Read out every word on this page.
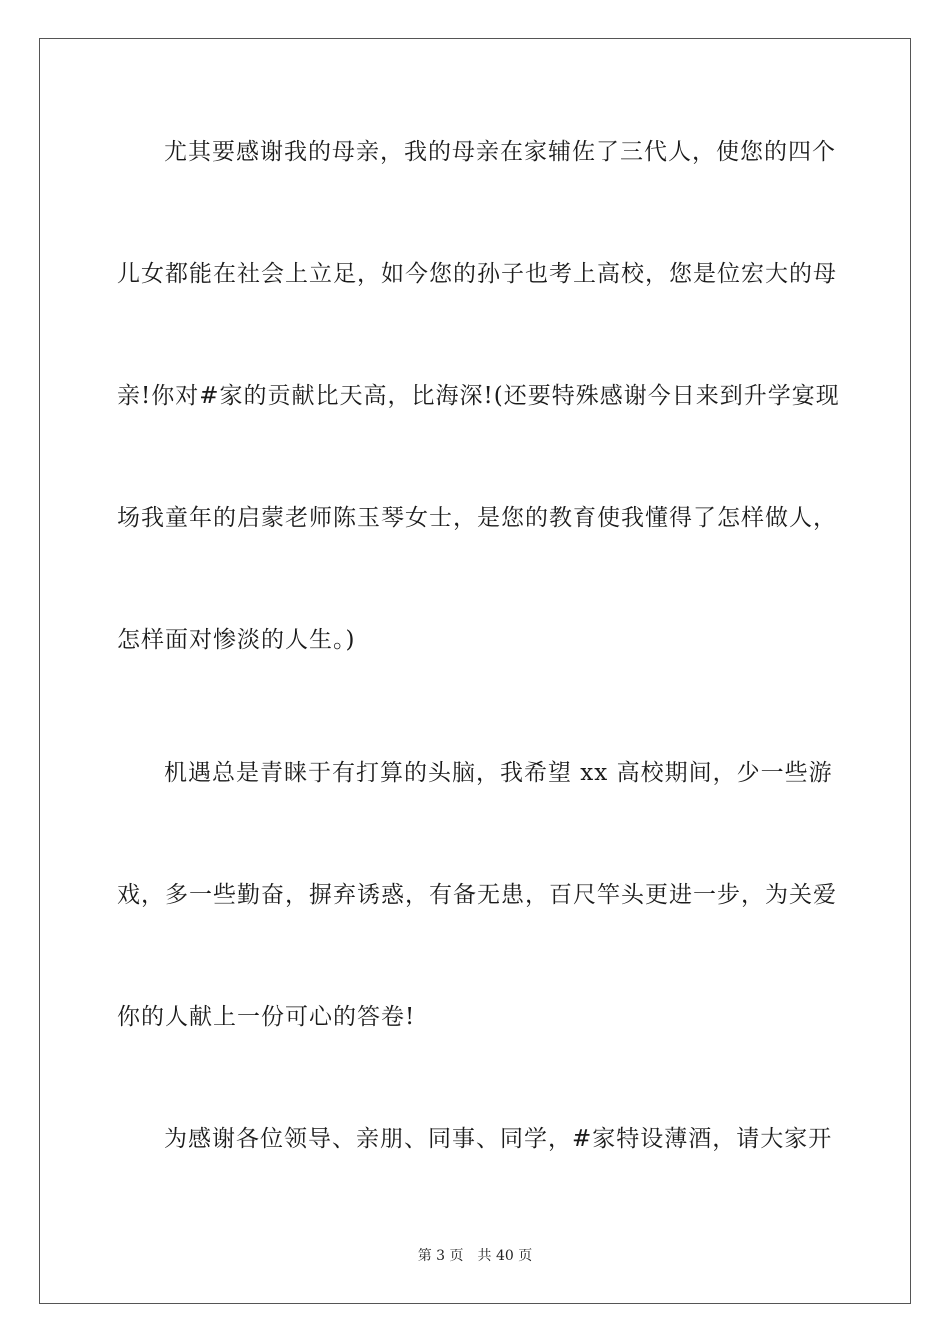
尤其要感谢我的母亲，我的母亲在家辅佐了三代人，使您的四个
儿女都能在社会上立足，如今您的孙子也考上高校，您是位宏大的母
亲!你对#家的贡献比天高，比海深!(还要特殊感谢今日来到升学宴现
场我童年的启蒙老师陈玉琴女士，是您的教育使我懂得了怎样做人，
怎样面对惨淡的人生。)
机遇总是青睐于有打算的头脑，我希望 xx 高校期间，少一些游
戏，多一些勤奋，摒弃诱惑，有备无患，百尺竿头更进一步，为关爱
你的人献上一份可心的答卷!
为感谢各位领导、亲朋、同事、同学，#家特设薄酒，请大家开
第 3 页 共 40 页
